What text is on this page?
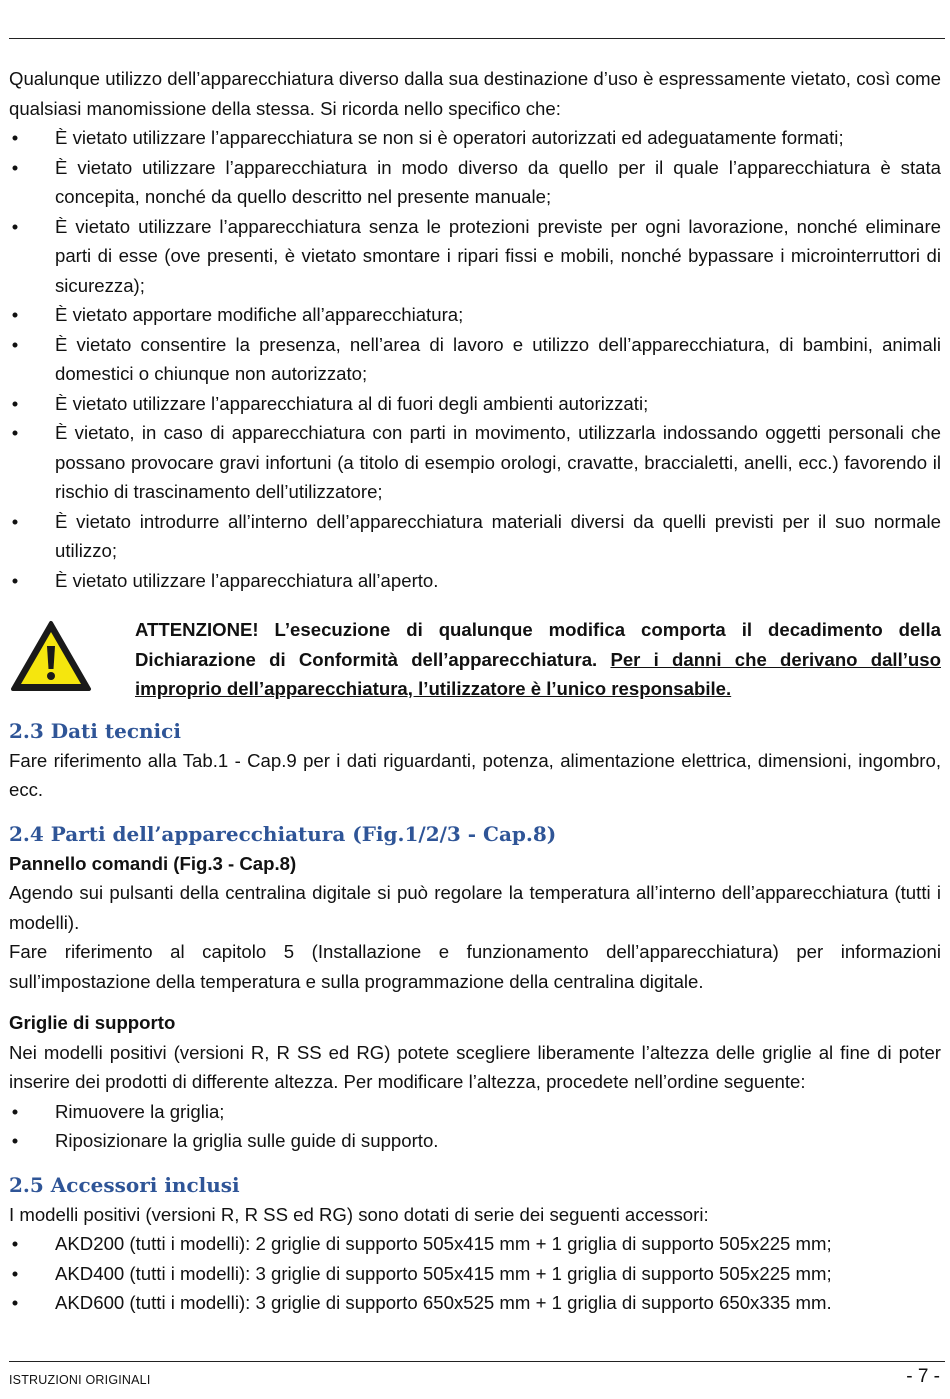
Qualunque utilizzo dell’apparecchiatura diverso dalla sua destinazione d’uso è espressamente vietato, così come qualsiasi manomissione della stessa. Si ricorda nello specifico che:

• È vietato utilizzare l’apparecchiatura se non si è operatori autorizzati ed adeguatamente formati;
• È vietato utilizzare l’apparecchiatura in modo diverso da quello per il quale l’apparecchiatura è stata concepita, nonché da quello descritto nel presente manuale;
• È vietato utilizzare l’apparecchiatura senza le protezioni previste per ogni lavorazione, nonché eliminare parti di esse (ove presenti, è vietato smontare i ripari fissi e mobili, nonché bypassare i microinterruttori di sicurezza);
• È vietato apportare modifiche all’apparecchiatura;
• È vietato consentire la presenza, nell’area di lavoro e utilizzo dell’apparecchiatura, di bambini, animali domestici o chiunque non autorizzato;
• È vietato utilizzare l’apparecchiatura al di fuori degli ambienti autorizzati;
• È vietato, in caso di apparecchiatura con parti in movimento, utilizzarla indossando oggetti personali che possano provocare gravi infortuni (a titolo di esempio orologi, cravatte, braccialetti, anelli, ecc.) favorendo il rischio di trascinamento dell’utilizzatore;
• È vietato introdurre all’interno dell’apparecchiatura materiali diversi da quelli previsti per il suo normale utilizzo;
• È vietato utilizzare l’apparecchiatura all’aperto.
ATTENZIONE! L’esecuzione di qualunque modifica comporta il decadimento della Dichiarazione di Conformità dell’apparecchiatura. Per i danni che derivano dall’uso improprio dell’apparecchiatura, l’utilizzatore è l’unico responsabile.
2.3 Dati tecnici

Fare riferimento alla Tab.1 - Cap.9 per i dati riguardanti, potenza, alimentazione elettrica, dimensioni, ingombro, ecc.

2.4 Parti dell’apparecchiatura (Fig.1/2/3 - Cap.8)
Pannello comandi (Fig.3 - Cap.8)

Agendo sui pulsanti della centralina digitale si può regolare la temperatura all’interno dell’apparecchiatura (tutti i modelli).

Fare riferimento al capitolo 5 (Installazione e funzionamento dell’apparecchiatura) per informazioni sull’impostazione della temperatura e sulla programmazione della centralina digitale.

Griglie di supporto

Nei modelli positivi (versioni R, R SS ed RG) potete scegliere liberamente l’altezza delle griglie al fine di poter inserire dei prodotti di differente altezza. Per modificare l’altezza, procedete nell’ordine seguente:

• Rimuovere la griglia;
• Riposizionare la griglia sulle guide di supporto.
2.5 Accessori inclusi

I modelli positivi (versioni R, R SS ed RG) sono dotati di serie dei seguenti accessori:

• AKD200 (tutti i modelli): 2 griglie di supporto 505x415 mm + 1 griglia di supporto 505x225 mm;
• AKD400 (tutti i modelli): 3 griglie di supporto 505x415 mm + 1 griglia di supporto 505x225 mm;
• AKD600 (tutti i modelli): 3 griglie di supporto 650x525 mm + 1 griglia di supporto 650x335 mm.
ISTRUZIONI ORIGINALI	- 7 -
